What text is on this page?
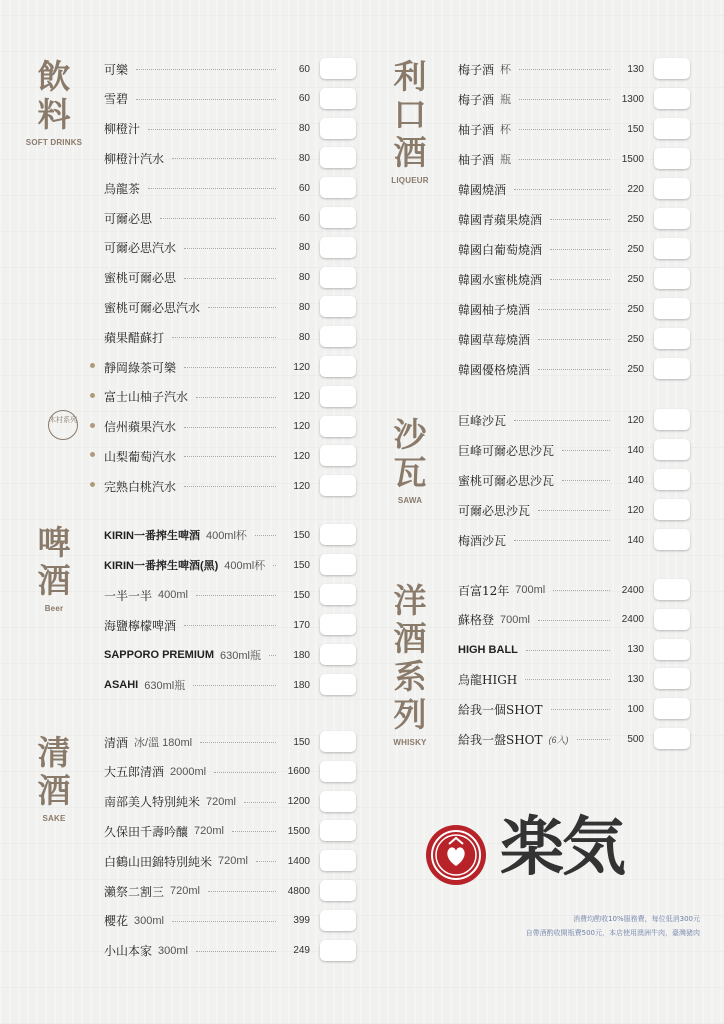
飲
料
SOFT DRINKS
木村系列
啤
酒
Beer
清
酒
SAKE
利
口
酒
LIQUEUR
沙
瓦
SAWA
洋
酒
系
列
WHISKY
可樂	60
雪碧	60
柳橙汁	80
柳橙汁汽水	80
烏龍茶	60
可爾必思	60
可爾必思汽水	80
蜜桃可爾必思	80
蜜桃可爾必思汽水	80
蘋果醋蘇打	80
靜岡綠茶可樂	120
富士山柚子汽水	120
信州蘋果汽水	120
山梨葡萄汽水	120
完熟白桃汽水	120
KIRIN一番搾生啤酒 400ml杯	150
KIRIN一番搾生啤酒(黑) 400ml杯	150
一半一半 400ml	150
海鹽檸檬啤酒	170
SAPPORO PREMIUM 630ml瓶	180
ASAHI 630ml瓶	180
清酒 冰/溫 180ml	150
大五郎清酒 2000ml	1600
南部美人特別純米 720ml	1200
久保田千壽吟釀 720ml	1500
白鶴山田錦特別純米 720ml	1400
瀨祭二割三 720ml	4800
櫻花 300ml	399
小山本家 300ml	249
梅子酒 杯	130
梅子酒 瓶	1300
柚子酒 杯	150
柚子酒 瓶	1500
韓國燒酒	220
韓國青蘋果燒酒	250
韓國白葡萄燒酒	250
韓國水蜜桃燒酒	250
韓國柚子燒酒	250
韓國草莓燒酒	250
韓國優格燒酒	250
巨峰沙瓦	120
巨峰可爾必思沙瓦	140
蜜桃可爾必思沙瓦	140
可爾必思沙瓦	120
梅酒沙瓦	140
百富12年 700ml	2400
蘇格登 700ml	2400
HIGH BALL	130
烏龍HIGH	130
給我一個SHOT	100
給我一盤SHOT (6入)	500
楽気
消費均酌收10%服務費，每位低消300元
自帶酒酌收開瓶費500元，本店使用澳洲牛肉，臺灣豬肉
